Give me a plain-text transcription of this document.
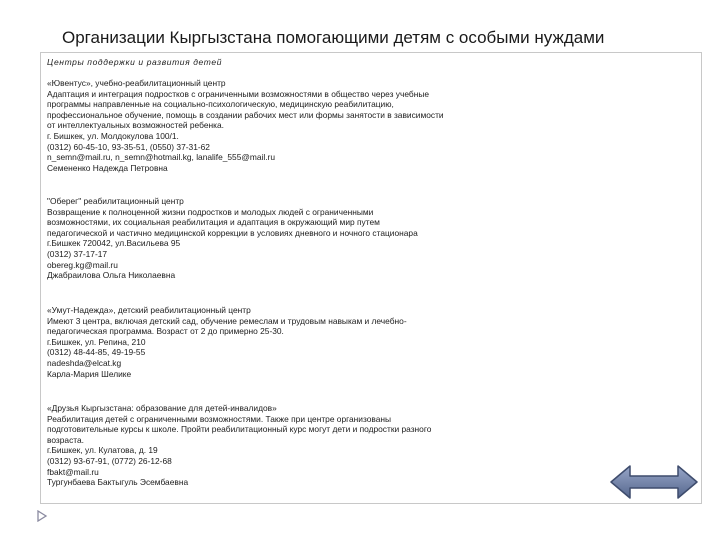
Организации Кыргызстана помогающими детям с особыми нуждами
Центры поддержки и развития детей
«Ювентус», учебно-реабилитационный центр
Адаптация и интеграция подростков с ограниченными возможностями в общество через учебные
программы направленные на социально-психологическую, медицинскую реабилитацию,
профессиональное обучение, помощь в создании рабочих мест или формы занятости в зависимости
от интеллектуальных возможностей ребенка.
г. Бишкек, ул. Молдокулова 100/1.
(0312) 60-45-10, 93-35-51, (0550) 37-31-62
n_semn@mail.ru, n_semn@hotmail.kg, lanalife_555@mail.ru
Семененко Надежда Петровна
"Оберег" реабилитационный центр
Возвращение к полноценной жизни подростков и молодых людей с ограниченными
возможностями, их социальная реабилитация и адаптация в окружающий мир путем
педагогической и частично медицинской коррекции в условиях дневного и ночного стационара
г.Бишкек 720042, ул.Васильева 95
(0312) 37-17-17
obereg.kg@mail.ru
Джабраилова Ольга Николаевна
«Умут-Надежда», детский реабилитационный центр
Имеют 3 центра, включая детский сад, обучение ремеслам и трудовым навыкам и лечебно-
педагогическая программа. Возраст от 2 до примерно 25-30.
г.Бишкек, ул. Репина, 210
(0312) 48-44-85, 49-19-55
nadeshda@elcat.kg
Карла-Мария Шелике
«Друзья Кыргызстана: образование для детей-инвалидов»
Реабилитация детей с ограниченными возможностями. Также при центре организованы
подготовительные курсы к школе. Пройти реабилитационный курс могут дети и подростки разного
возраста.
г.Бишкек, ул. Кулатова, д. 19
(0312) 93-67-91, (0772) 26-12-68
fbakt@mail.ru
Тургунбаева Бактыгуль Эсембаевна
